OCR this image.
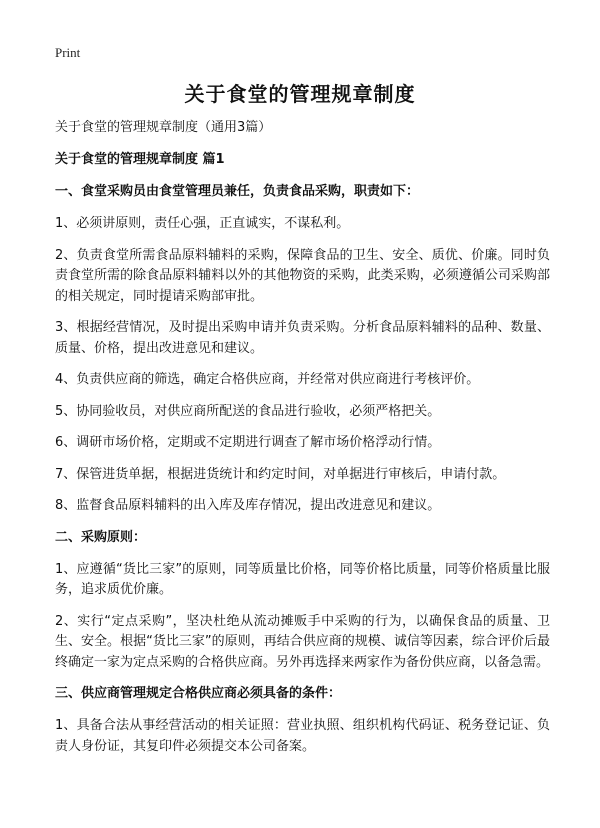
Print
关于食堂的管理规章制度

关于食堂的管理规章制度（通用3篇）

关于食堂的管理规章制度 篇1

一、食堂采购员由食堂管理员兼任，负责食品采购，职责如下：

1、必须讲原则，责任心强，正直诚实，不谋私利。

2、负责食堂所需食品原料辅料的采购，保障食品的卫生、安全、质优、价廉。同时负责食堂所需的除食品原料辅料以外的其他物资的采购，此类采购，必须遵循公司采购部的相关规定，同时提请采购部审批。

3、根据经营情况，及时提出采购申请并负责采购。分析食品原料辅料的品种、数量、质量、价格，提出改进意见和建议。

4、负责供应商的筛选，确定合格供应商，并经常对供应商进行考核评价。

5、协同验收员，对供应商所配送的食品进行验收，必须严格把关。

6、调研市场价格，定期或不定期进行调查了解市场价格浮动行情。

7、保管进货单据，根据进货统计和约定时间，对单据进行审核后，申请付款。

8、监督食品原料辅料的出入库及库存情况，提出改进意见和建议。

二、采购原则：

1、应遵循“货比三家”的原则，同等质量比价格，同等价格比质量，同等价格质量比服务，追求质优价廉。

2、实行“定点采购”，坚决杜绝从流动摊贩手中采购的行为，以确保食品的质量、卫生、安全。根据“货比三家”的原则，再结合供应商的规模、诚信等因素，综合评价后最终确定一家为定点采购的合格供应商。另外再选择来两家作为备份供应商，以备急需。

三、供应商管理规定合格供应商必须具备的条件：

1、具备合法从事经营活动的相关证照：营业执照、组织机构代码证、税务登记证、负责人身份证，其复印件必须提交本公司备案。
